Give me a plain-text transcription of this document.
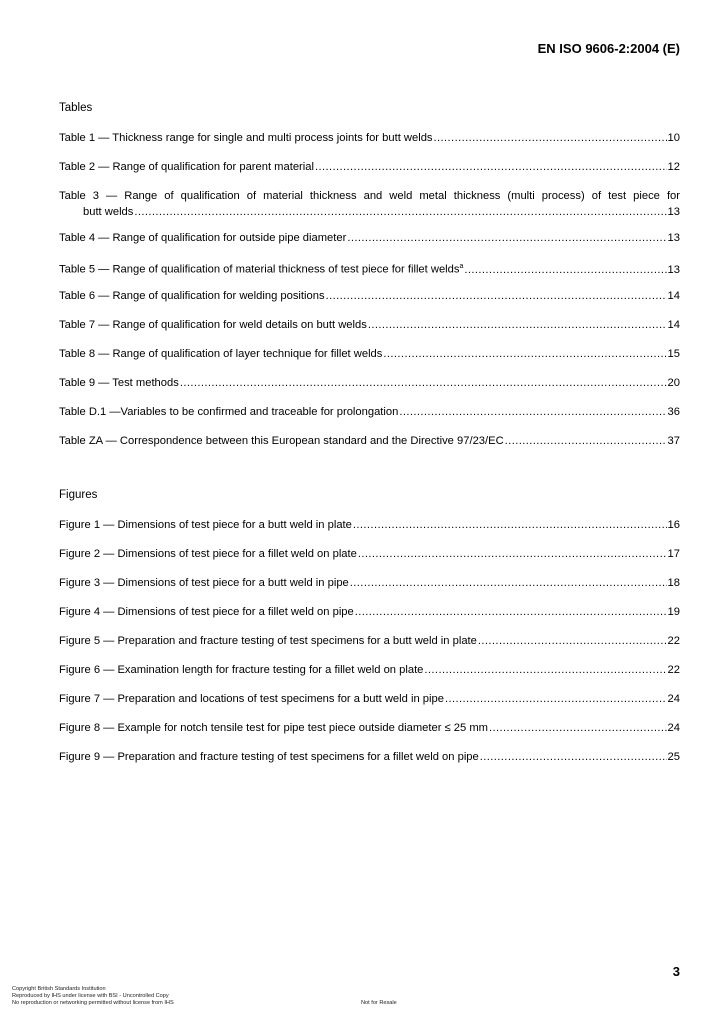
EN ISO 9606-2:2004 (E)
Tables
Table 1 — Thickness range for single and multi process joints for butt welds .....	10
Table 2 — Range of qualification for parent material .....	12
Table 3 — Range of qualification of material thickness and weld metal thickness (multi process) of test piece for
butt welds .....	13
Table 4 — Range of qualification for outside pipe diameter .....	13
Table 5 — Range of qualification of material thickness of test piece for fillet welds$^a$ .....	13
Table 6 — Range of qualification for welding positions .....	14
Table 7 — Range of qualification for weld details on butt welds .....	14
Table 8 — Range of qualification of layer technique for fillet welds .....	15
Table 9 — Test methods .....	20
Table D.1 —Variables to be confirmed and traceable for prolongation .....	36
Table ZA — Correspondence between this European standard and the Directive 97/23/EC .....	37
Figures
Figure 1 — Dimensions of test piece for a butt weld in plate .....	16
Figure 2 — Dimensions of test piece for a fillet weld on plate .....	17
Figure 3 — Dimensions of test piece for a butt weld in pipe .....	18
Figure 4 — Dimensions of test piece for a fillet weld on pipe .....	19
Figure 5 — Preparation and fracture testing of test specimens for a butt weld in plate .....	22
Figure 6 — Examination length for fracture testing for a fillet weld on plate .....	22
Figure 7 — Preparation and locations of test specimens for a butt weld in pipe .....	24
Figure 8 — Example for notch tensile test for pipe test piece outside diameter ≤ 25 mm .....	24
Figure 9 — Preparation and fracture testing of test specimens for a fillet weld on pipe .....	25
3
Copyright British Standards Institution
Reproduced by IHS under license with BSI - Uncontrolled Copy
No reproduction or networking permitted without license from IHS	Not for Resale
